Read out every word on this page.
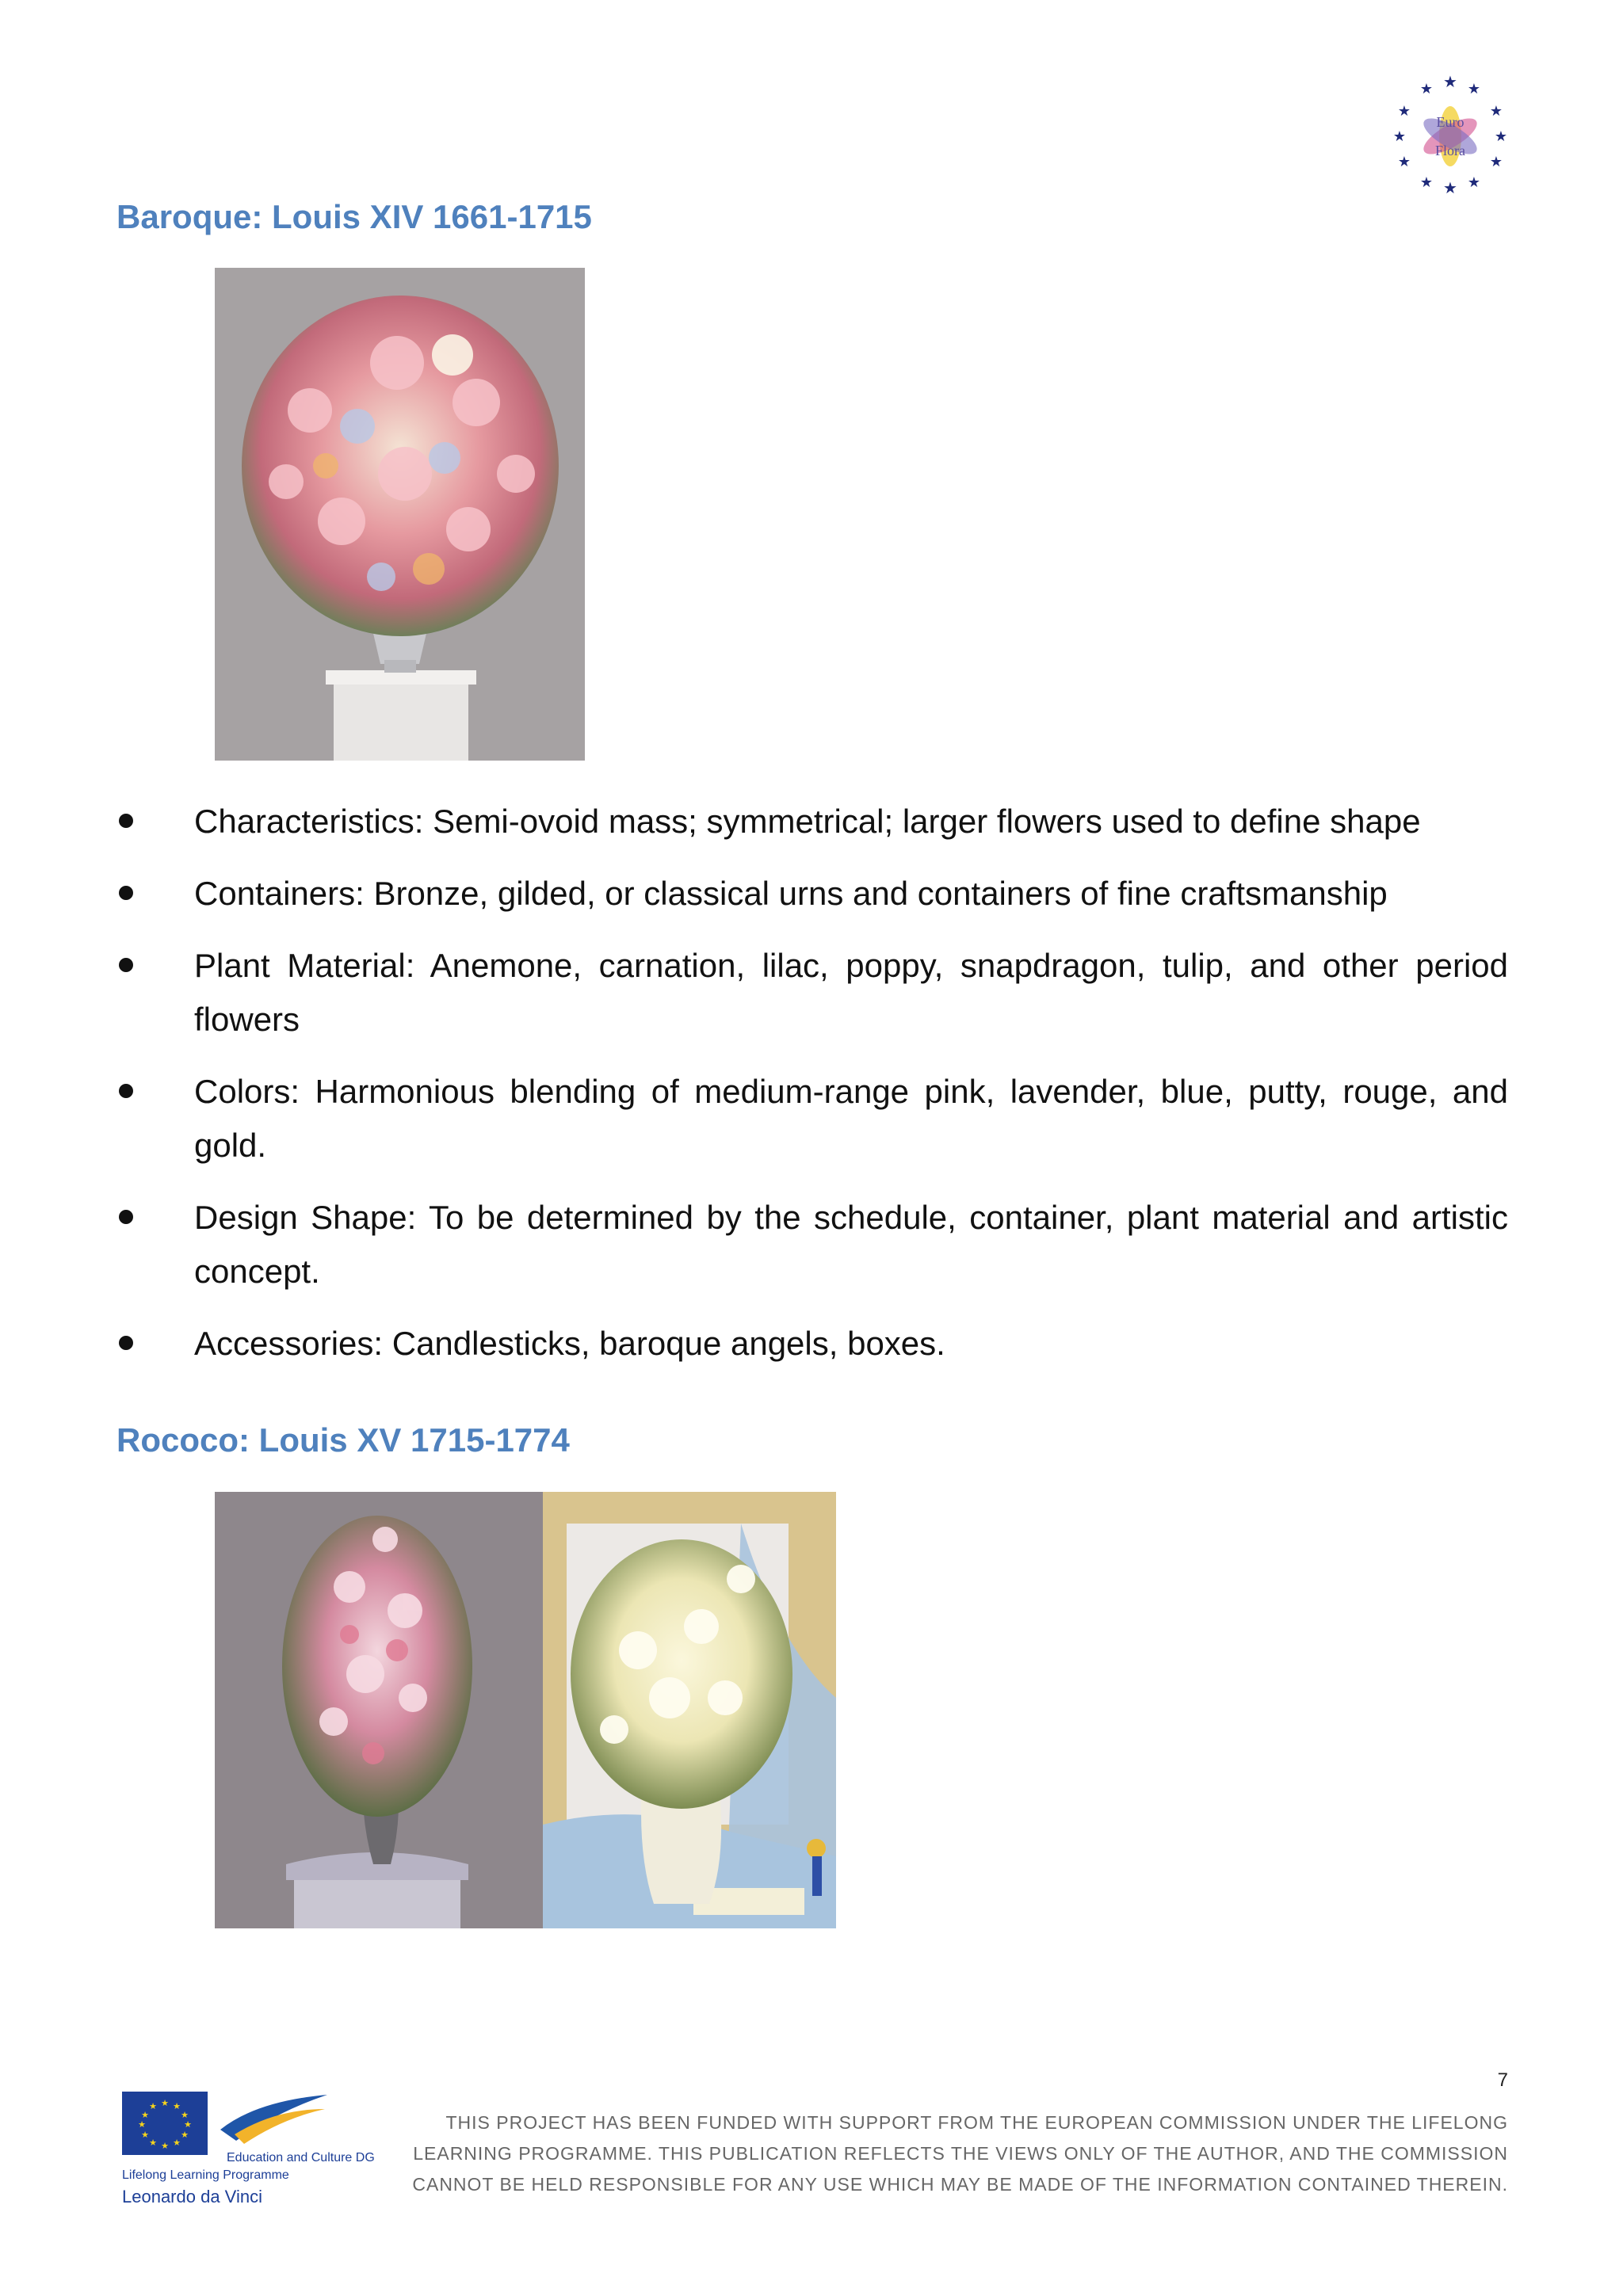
★
★ ★
★	★
★	★
★	★
★ ★
★
Euro
Flora
Baroque: Louis XIV 1661-1715
Characteristics: Semi-ovoid mass; symmetrical; larger flowers used to define shape
Containers: Bronze, gilded, or classical urns and containers of fine craftsmanship
Plant Material: Anemone, carnation, lilac, poppy, snapdragon, tulip, and other period flowers
Colors: Harmonious blending of medium-range pink, lavender, blue, putty, rouge, and gold.
Design Shape: To be determined by the schedule, container, plant material and artistic concept.
Accessories: Candlesticks, baroque angels, boxes.
Rococo: Louis XV 1715-1774
7
★ ★
★
★
★
★
★
★
★
★
★
★
Education and Culture DG
Lifelong Learning Programme
Leonardo da Vinci
THIS PROJECT HAS BEEN FUNDED WITH SUPPORT FROM THE EUROPEAN COMMISSION UNDER THE LIFELONG LEARNING PROGRAMME. THIS PUBLICATION REFLECTS THE VIEWS ONLY OF THE AUTHOR, AND THE COMMISSION CANNOT BE HELD RESPONSIBLE FOR ANY USE WHICH MAY BE MADE OF THE INFORMATION CONTAINED THEREIN.
